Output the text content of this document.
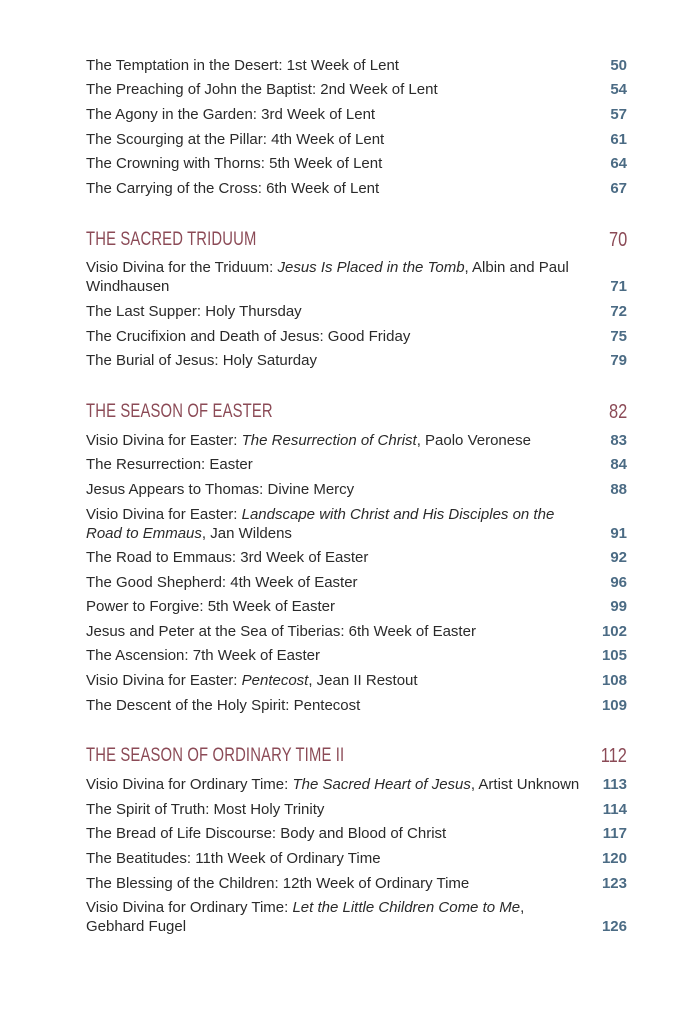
The Temptation in the Desert: 1st Week of Lent	50
The Preaching of John the Baptist: 2nd Week of Lent	54
The Agony in the Garden: 3rd Week of Lent	57
The Scourging at the Pillar: 4th Week of Lent	61
The Crowning with Thorns: 5th Week of Lent	64
The Carrying of the Cross: 6th Week of Lent	67
THE SACRED TRIDUUM	70
Visio Divina for the Triduum: Jesus Is Placed in the Tomb, Albin and Paul Windhausen	71
The Last Supper: Holy Thursday	72
The Crucifixion and Death of Jesus: Good Friday	75
The Burial of Jesus: Holy Saturday	79
THE SEASON OF EASTER	82
Visio Divina for Easter: The Resurrection of Christ, Paolo Veronese	83
The Resurrection: Easter	84
Jesus Appears to Thomas: Divine Mercy	88
Visio Divina for Easter: Landscape with Christ and His Disciples on the Road to Emmaus, Jan Wildens	91
The Road to Emmaus: 3rd Week of Easter	92
The Good Shepherd: 4th Week of Easter	96
Power to Forgive: 5th Week of Easter	99
Jesus and Peter at the Sea of Tiberias: 6th Week of Easter	102
The Ascension: 7th Week of Easter	105
Visio Divina for Easter: Pentecost, Jean II Restout	108
The Descent of the Holy Spirit: Pentecost	109
THE SEASON OF ORDINARY TIME II	112
Visio Divina for Ordinary Time: The Sacred Heart of Jesus, Artist Unknown	113
The Spirit of Truth: Most Holy Trinity	114
The Bread of Life Discourse: Body and Blood of Christ	117
The Beatitudes: 11th Week of Ordinary Time	120
The Blessing of the Children: 12th Week of Ordinary Time	123
Visio Divina for Ordinary Time: Let the Little Children Come to Me, Gebhard Fugel	126
